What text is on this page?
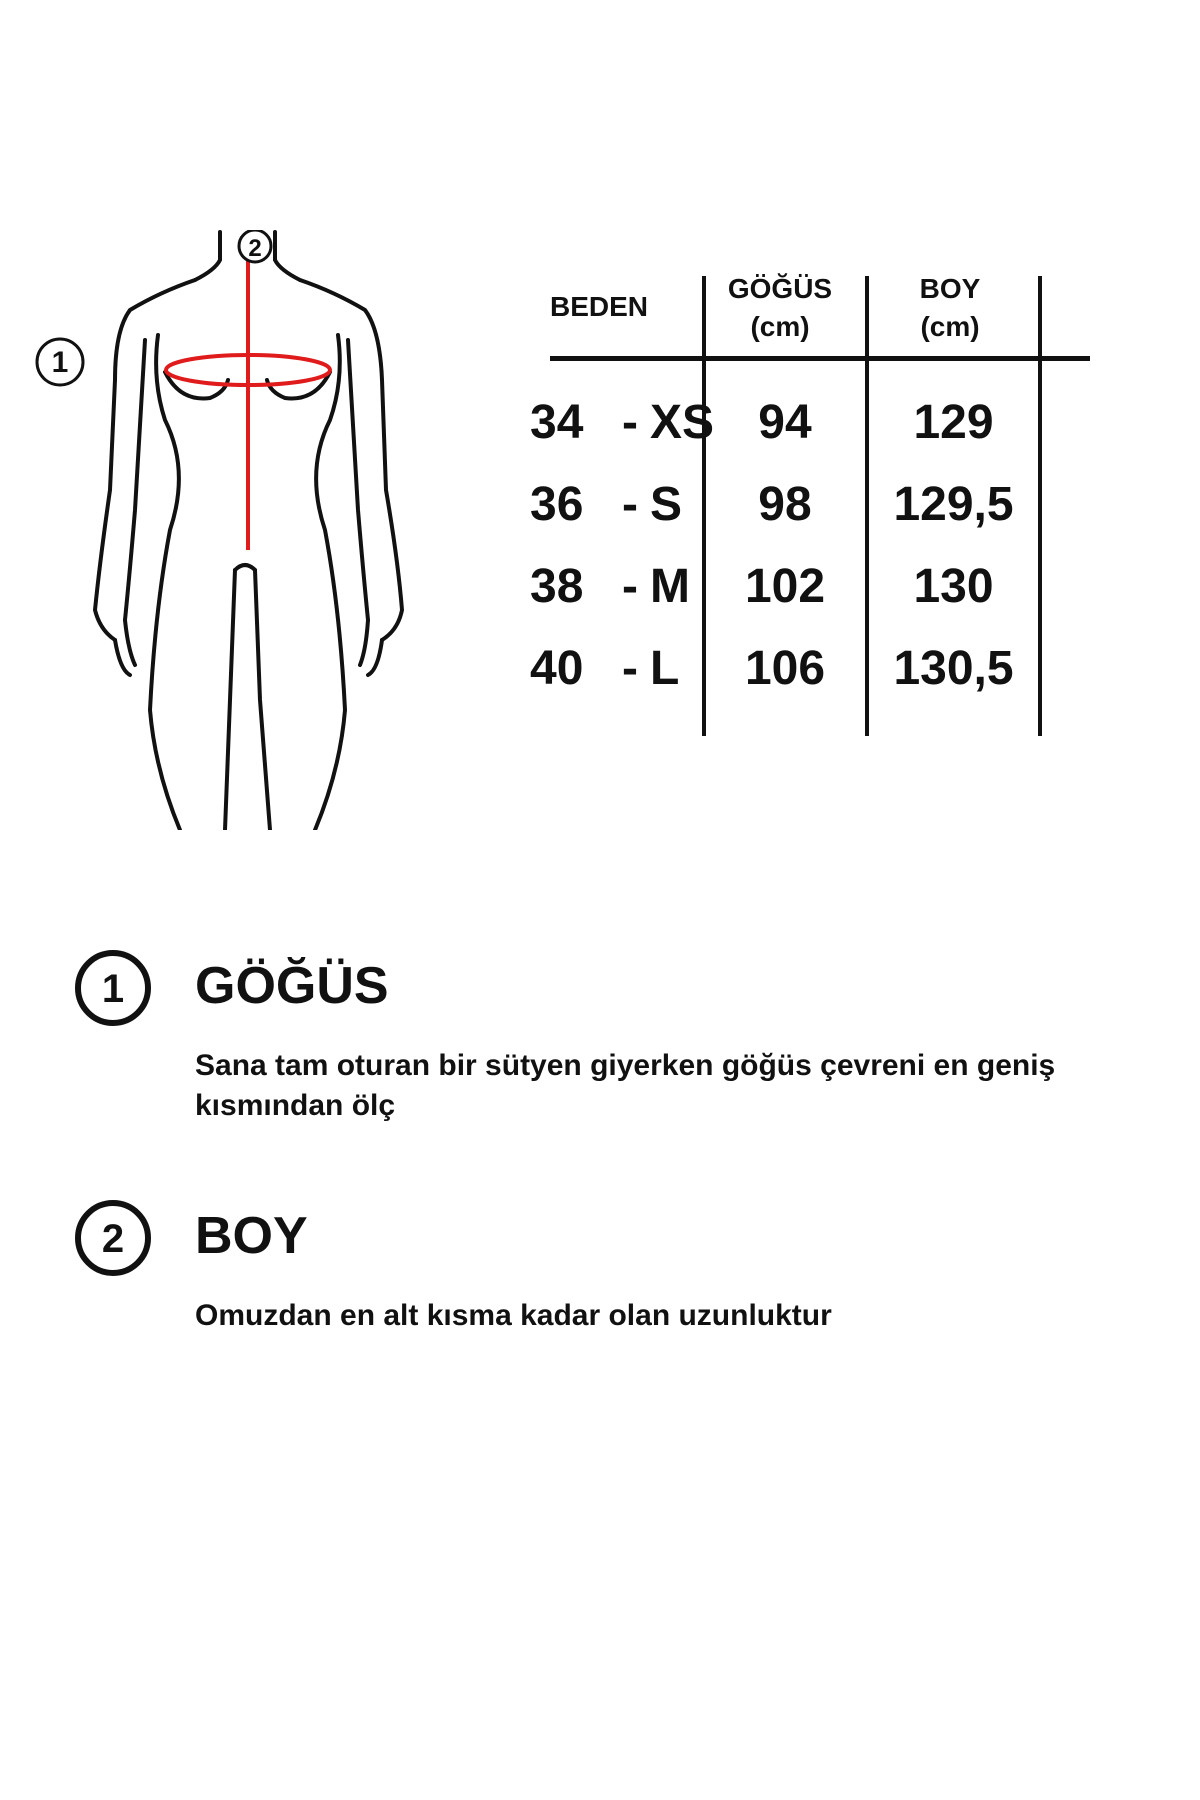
2
1
BEDEN
GÖĞÜS
(cm)
BOY
(cm)
34 - XS 94	129
36 - S	98	129,5
38 - M	102	130
40 - L	106	130,5
1	GÖĞÜS
Sana tam oturan bir sütyen giyerken göğüs çevreni en geniş kısmından ölç
2	BOY
Omuzdan en alt kısma kadar olan uzunluktur
